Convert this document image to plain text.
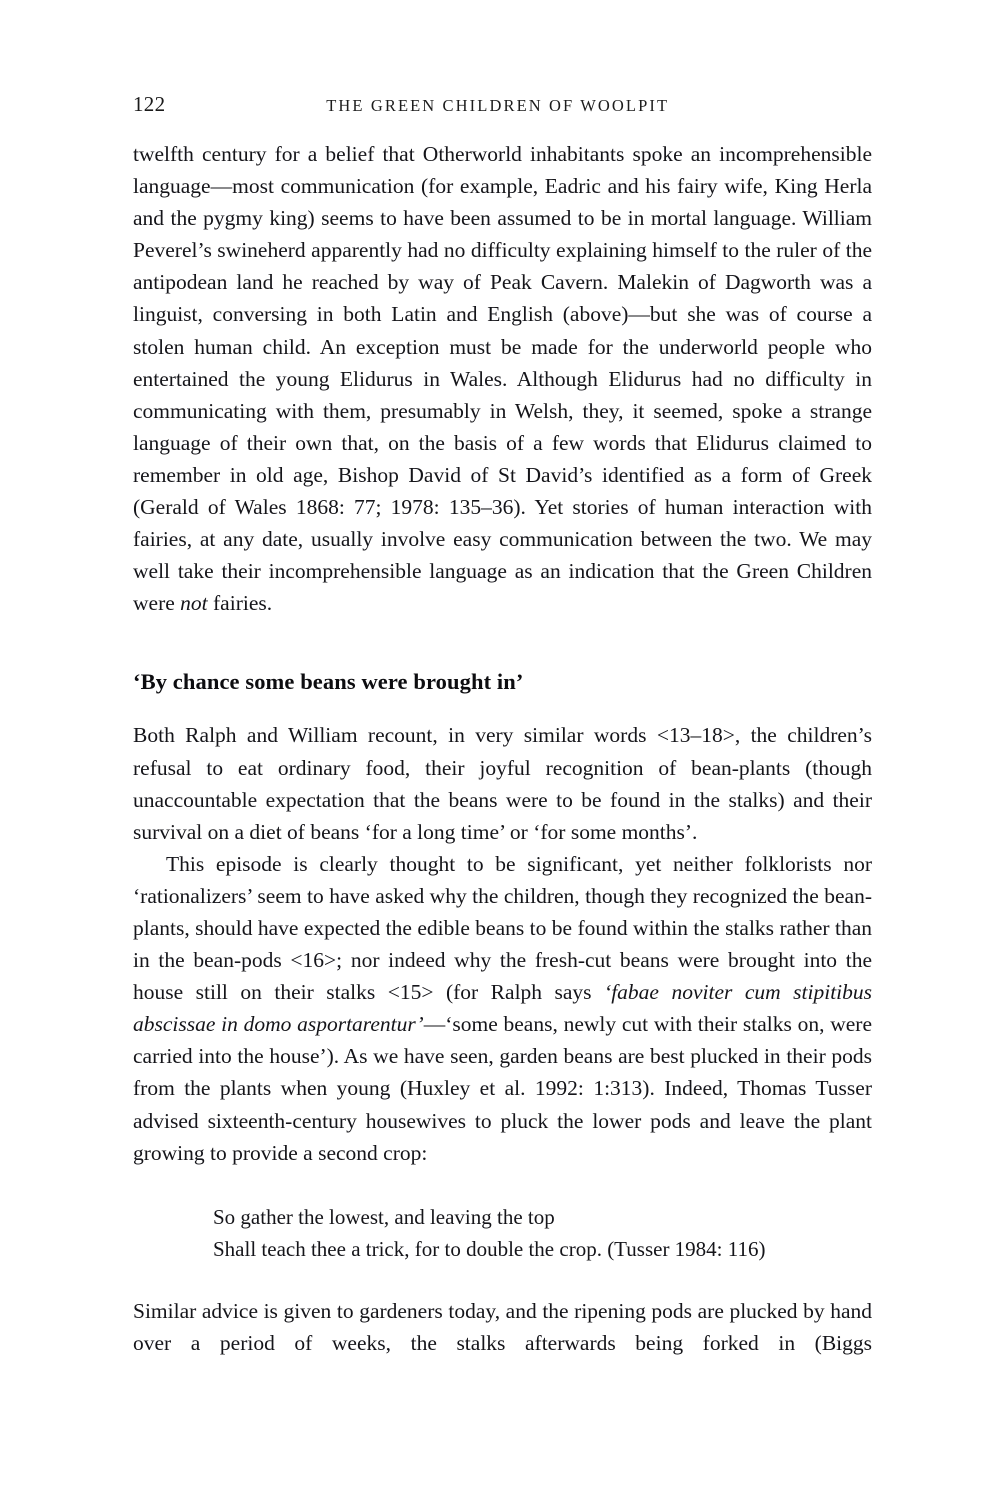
122	THE GREEN CHILDREN OF WOOLPIT

twelfth century for a belief that Otherworld inhabitants spoke an incomprehensible language—most communication (for example, Eadric and his fairy wife, King Herla and the pygmy king) seems to have been assumed to be in mortal language. William Peverel’s swineherd apparently had no difficulty explaining himself to the ruler of the antipodean land he reached by way of Peak Cavern. Malekin of Dagworth was a linguist, conversing in both Latin and English (above)—but she was of course a stolen human child. An exception must be made for the underworld people who entertained the young Elidurus in Wales. Although Elidurus had no difficulty in communicating with them, presumably in Welsh, they, it seemed, spoke a strange language of their own that, on the basis of a few words that Elidurus claimed to remember in old age, Bishop David of St David’s identified as a form of Greek (Gerald of Wales 1868: 77; 1978: 135–36). Yet stories of human interaction with fairies, at any date, usually involve easy communication between the two. We may well take their incomprehensible language as an indication that the Green Children were not fairies.

‘By chance some beans were brought in’

Both Ralph and William recount, in very similar words <13–18>, the children’s refusal to eat ordinary food, their joyful recognition of bean-plants (though unaccountable expectation that the beans were to be found in the stalks) and their survival on a diet of beans ‘for a long time’ or ‘for some months’.

This episode is clearly thought to be significant, yet neither folklorists nor ‘rationalizers’ seem to have asked why the children, though they recognized the bean-plants, should have expected the edible beans to be found within the stalks rather than in the bean-pods <16>; nor indeed why the fresh-cut beans were brought into the house still on their stalks <15> (for Ralph says ‘fabae noviter cum stipitibus abscissae in domo asportarentur’—‘some beans, newly cut with their stalks on, were carried into the house’). As we have seen, garden beans are best plucked in their pods from the plants when young (Huxley et al. 1992: 1:313). Indeed, Thomas Tusser advised sixteenth-century housewives to pluck the lower pods and leave the plant growing to provide a second crop:

So gather the lowest, and leaving the top
Shall teach thee a trick, for to double the crop. (Tusser 1984: 116)

Similar advice is given to gardeners today, and the ripening pods are plucked by hand over a period of weeks, the stalks afterwards being forked in (Biggs
